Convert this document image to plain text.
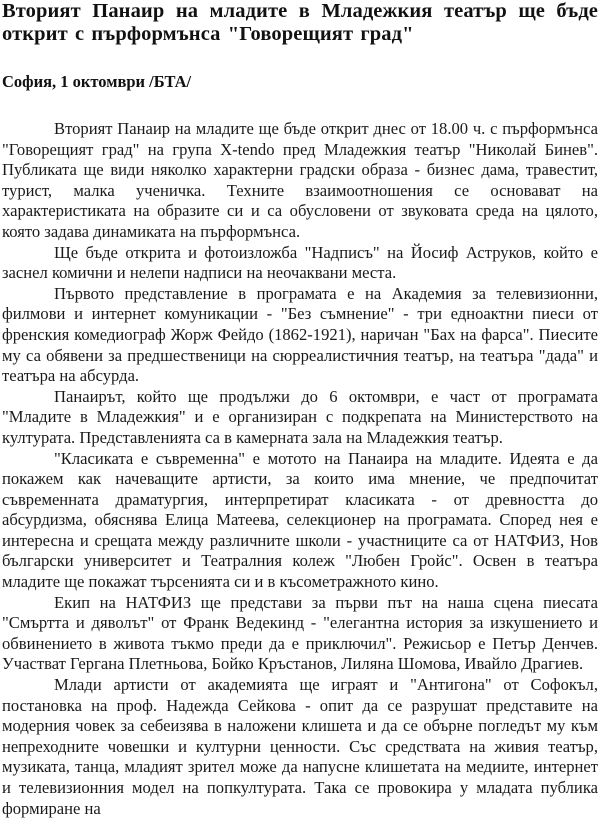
Вторият Панаир на младите в Младежкия театър ще бъде
открит с пърформънса "Говорещият град"

София, 1 октомври /БТА/

Вторият Панаир на младите ще бъде открит днес от 18.00 ч. с пърформънса "Говорещият град" на група X-tendo пред Младежкия театър "Николай Бинев". Публиката ще види няколко характерни градски образа - бизнес дама, травестит, турист, малка ученичка. Техните взаимоотношения се основават на характеристиката на образите си и са обусловени от звуковата среда на цялото, която задава динамиката на пърформънса.

Ще бъде открита и фотоизложба "Надписъ" на Йосиф Аструков, който е заснел комични и нелепи надписи на неочаквани места.

Първото представление в програмата е на Академия за телевизионни, филмови и интернет комуникации - "Без съмнение" - три едноактни пиеси от френския комедиограф Жорж Фейдо (1862-1921), наричан "Бах на фарса". Пиесите му са обявени за предшественици на сюрреалистичния театър, на театъра "дада" и театъра на абсурда.

Панаирът, който ще продължи до 6 октомври, е част от програмата "Младите в Младежкия" и е организиран с подкрепата на Министерството на културата. Представленията са в камерната зала на Младежкия театър.

"Класиката е съвременна" е мотото на Панаира на младите. Идеята е да покажем как начеващите артисти, за които има мнение, че предпочитат съвременната драматургия, интерпретират класиката - от древността до абсурдизма, обяснява Елица Матеева, селекционер на програмата. Според нея е интересна и срещата между различните школи - участниците са от НАТФИЗ, Нов български университет и Театралния колеж "Любен Гройс". Освен в театъра младите ще покажат търсенията си и в късометражното кино.

Екип на НАТФИЗ ще представи за първи път на наша сцена пиесата "Смъртта и дяволът" от Франк Ведекинд - "елегантна история за изкушението и обвинението в живота тъкмо преди да е приключил". Режисьор е Петър Денчев. Участват Гергана Плетньова, Бойко Кръстанов, Лиляна Шомова, Ивайло Драгиев.

Млади артисти от академията ще играят и "Антигона" от Софокъл, постановка на проф. Надежда Сейкова - опит да се разрушат представите на модерния човек за себеизява в наложени клишета и да се обърне погледът му към непреходните човешки и културни ценности. Със средствата на живия театър, музиката, танца, младият зрител може да напусне клишетата на медиите, интернет и телевизионния модел на попкултурата. Така се провокира у младата публика формиране на
